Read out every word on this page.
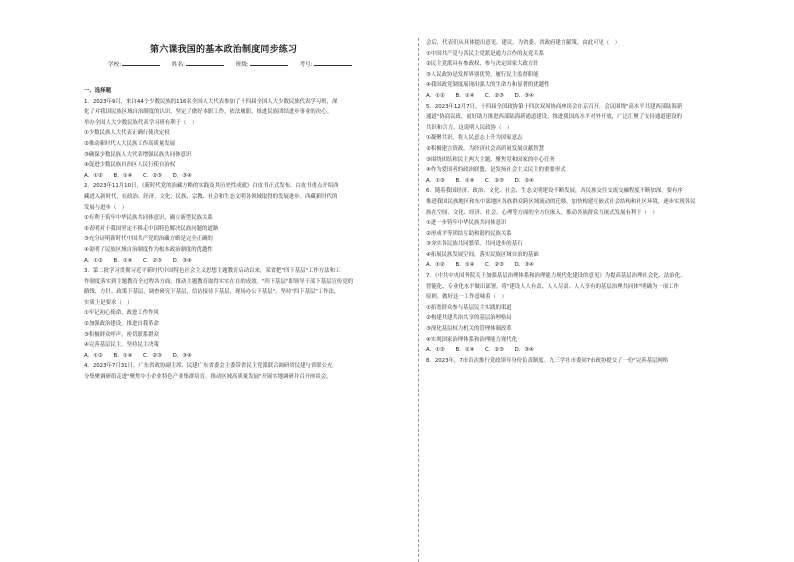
第六课我国的基本政治制度同步练习
学校:	姓名:	班级:	考号:
一、选择题
1．2023年9月，来自44个少数民族的116名全国人大代表参加了十四届全国人大少数民族代表学习班，深
化了对我国民族区域自治制度的认识，坚定了做好本职工作，依法履职，推进民族团结进步事业的决心。
举办全国人大少数民族代表学习班有利于（　）
①少数民族人大代表正确行使决定权
②推动新时代人大民族工作高质量发展
③确保少数民族人大代表增强民族共同体意识
④促进少数民族自治区人民行使自治权
A．①②　　B．①④　　C．②③　　D．③④
2．2023年11月10日，《新时代党的治藏方略的实践及其历史性成就》白皮书正式发布，白皮书重点介绍西
藏进入新时代，在政治、经济、文化、民族、宗教、社会和生态文明各领域取得的发展进步。西藏新时代的
发展与进步（　）
①有利于筑牢中华民族共同体意识，确立新型民族关系
②表明对于我国坚定不移走中国特色解决民族问题的道路
③充分证明新时代中国共产党的治藏方略是完全正确的
④说明了民族区域自治制度作为根本政治制度的优越性
A．①②　　B．①④　　C．②③　　D．③④
3．第二批学习贯彻习近平新时代中国特色社会主义思想主题教育启动以来，某省把"四下基层"工作方法和工
作制度落实到主题教育全过程各方面，推动主题教育取得实实在在的成效。"四下基层"即领导干部下基层宣传党的
路线、方针、政策下基层，调查研究下基层，信访接待下基层，现场办公下基层"。坚持"四下基层"工作法，
实质上是要求（　）
①牢记初心使命，政进工作作风
②加强政治建设，推进自我革命
③积极群众呼声，密切联系群众
④完善基层民主，坚持民主决策
A．①②　　B．①④　　C．②③　　D．③④
4．2023年7月31日，广东省政协副主席、民建广东省委会主委带省民主党派联合调研省民建与省联公充
分集聚调研组走进"聚焦中小企业特色产业集群培育，推动区域高质量发展"开展实地调研并召开座谈会，
会后，代表们从具体提出意见、建议，为省委、省政府建言献策，由此可见（　）
①中国共产党与各民主党派是通力合作的友党关系
②民主党派具有参政权，参与决定国家大政方针
③人民政协是发挥界别优势，履行民主监督职能
④我国政党制度展现出强大的生命力和显著的优越性
A．①②　　B．①④　　C．②③　　D．③④
5．2023年12月7日，十四届全国政协第十四次双周协商座谈会在京召开，会议围绕"高水平共建西部陆海新
通道"协商议政，更好助力推进西部陆海新通道建设、推进我国高水平对外开放，广泛汇聚了支持通道建设的
共识和合力。这说明人民政协（　）
①凝聚共识，将人民意志上升为国家意志
②积极建言资政，为经济社会高质量发展贡献智慧
③围绕团结和民主两大主题，聚焦党和国家的中心任务
④作为爱国者的政治联盟，是发扬社会主义民主的重要形式
A．①③　　B．①④　　C．②③　　D．②④
6．随着我国经济、政治、文化、社会、生态文明建设不断发展，各民族交往交流交融程度不断加深，要有序
推进我国民族地区和东中部地区各族群众跨区域流动的迁移，加快构建互嵌式社会结构和社区环境，逐步实现各民
族在空间、文化、经济、社会、心理等方面的全方位嵌入。推动各族群众互嵌式发展有利于（　）
①进一步铸牢中华民族共同体意识
②形成平等团结互助和谐的民族关系
③夯实各民族共同繁荣、共同进步的基石
④拓展民族发展空间，落实民族区域自治的基础
A．①②　　B．①④　　C．②③　　D．③④
7．《中共中央国务院关于加强基层治理体系和治理能力现代化建设的意见》为提高基层治理社会化、法治化、
智能化、专业化水平做出部署，将"建设人人有责、人人尽责、人人享有的基层治理共同体"明确为一项工作
原则。做好这一工作意味着（　）
①拓宽群众参与基层民主实践的渠道
②构建共建共治共享的基层治理格局
③深化基层权力机关的管理体制改革
④实现国家治理体系和治理能力现代化
A．①②　　B．①④　　C．②③　　D．③④
8．2023年，7市首次推行党政领导身份负责制度。九三学社市委同7市政协提交了一份"完善基层网格
